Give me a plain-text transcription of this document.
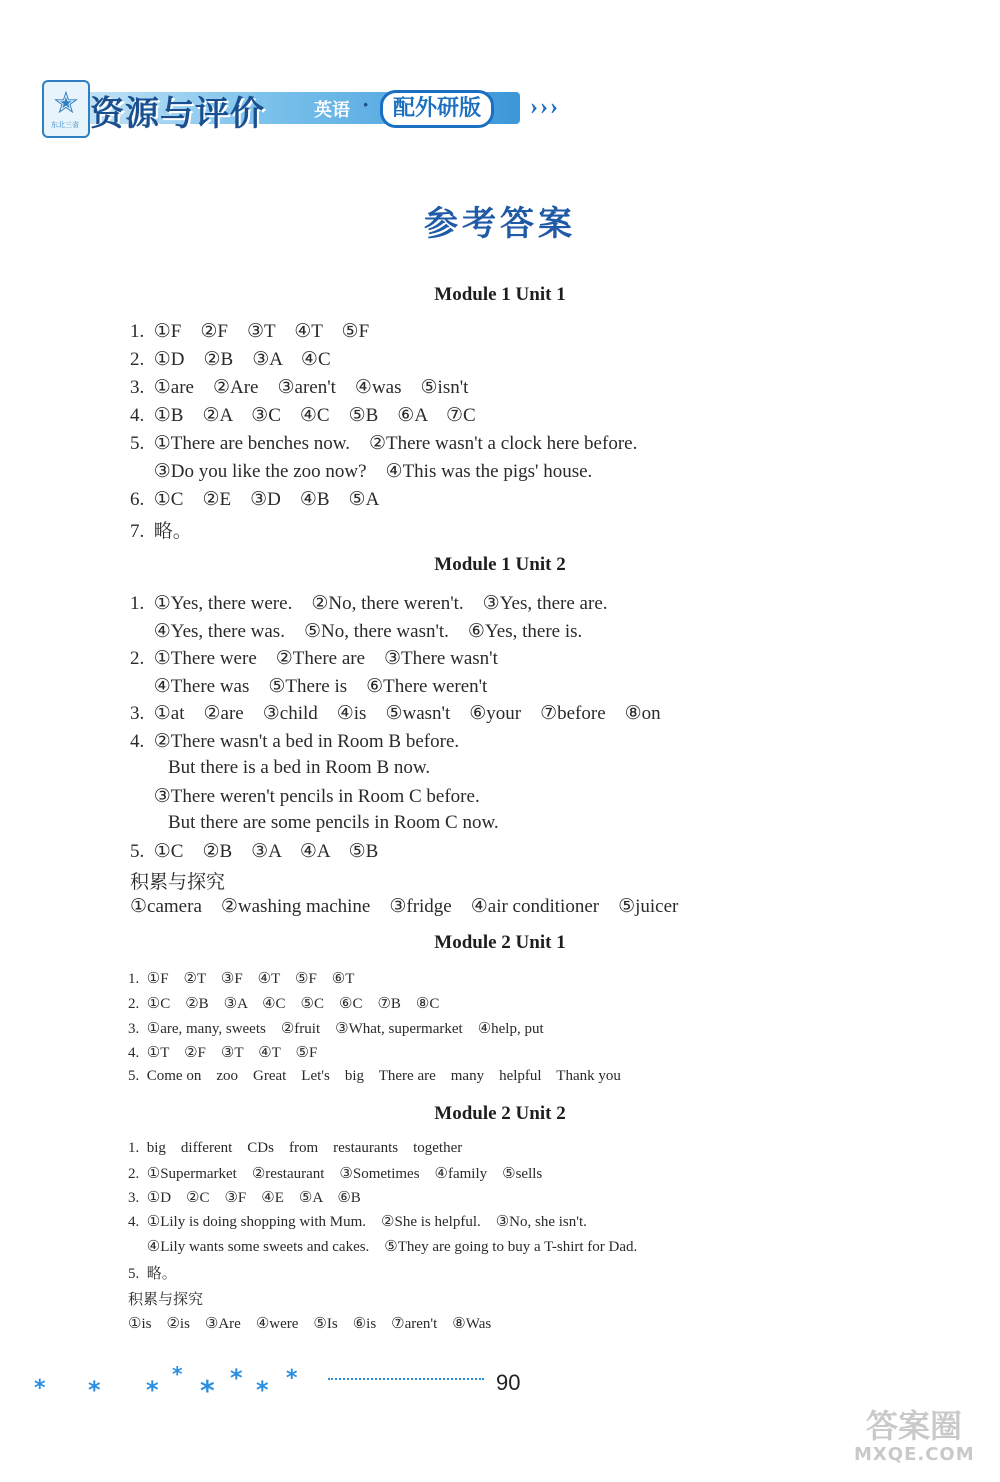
✭
东北三省 资源与评价	英语 ·	配外研版	›››
参考答案
Module 1 Unit 1
1.  ①F    ②F    ③T    ④T    ⑤F
2.  ①D    ②B    ③A    ④C
3.  ①are    ②Are    ③aren't    ④was    ⑤isn't
4.  ①B    ②A    ③C    ④C    ⑤B    ⑥A    ⑦C
5.  ①There are benches now.    ②There wasn't a clock here before.
③Do you like the zoo now?    ④This was the pigs' house.
6.  ①C    ②E    ③D    ④B    ⑤A
7.  略。
Module 1 Unit 2
1.  ①Yes, there were.    ②No, there weren't.    ③Yes, there are.
④Yes, there was.    ⑤No, there wasn't.    ⑥Yes, there is.
2.  ①There were    ②There are    ③There wasn't
④There was    ⑤There is    ⑥There weren't
3.  ①at    ②are    ③child    ④is    ⑤wasn't    ⑥your    ⑦before    ⑧on
4.  ②There wasn't a bed in Room B before.
But there is a bed in Room B now.
③There weren't pencils in Room C before.
But there are some pencils in Room C now.
5.  ①C    ②B    ③A    ④A    ⑤B
积累与探究
①camera    ②washing machine    ③fridge    ④air conditioner    ⑤juicer
Module 2 Unit 1
1.  ①F    ②T    ③F    ④T    ⑤F    ⑥T
2.  ①C    ②B    ③A    ④C    ⑤C    ⑥C    ⑦B    ⑧C
3.  ①are, many, sweets    ②fruit    ③What, supermarket    ④help, put
4.  ①T    ②F    ③T    ④T    ⑤F
5.  Come on    zoo    Great    Let's    big    There are    many    helpful    Thank you
Module 2 Unit 2
1.  big    different    CDs    from    restaurants    together
2.  ①Supermarket    ②restaurant    ③Sometimes    ④family    ⑤sells
3.  ①D    ②C    ③F    ④E    ⑤A    ⑥B
4.  ①Lily is doing shopping with Mum.    ②She is helpful.    ③No, she isn't.
④Lily wants some sweets and cakes.    ⑤They are going to buy a T-shirt for Dad.
5.  略。
积累与探究
①is    ②is    ③Are    ④were    ⑤Is    ⑥is    ⑦aren't    ⑧Was
* * *
* * * * *	90
答案圈
MXQE.COM
